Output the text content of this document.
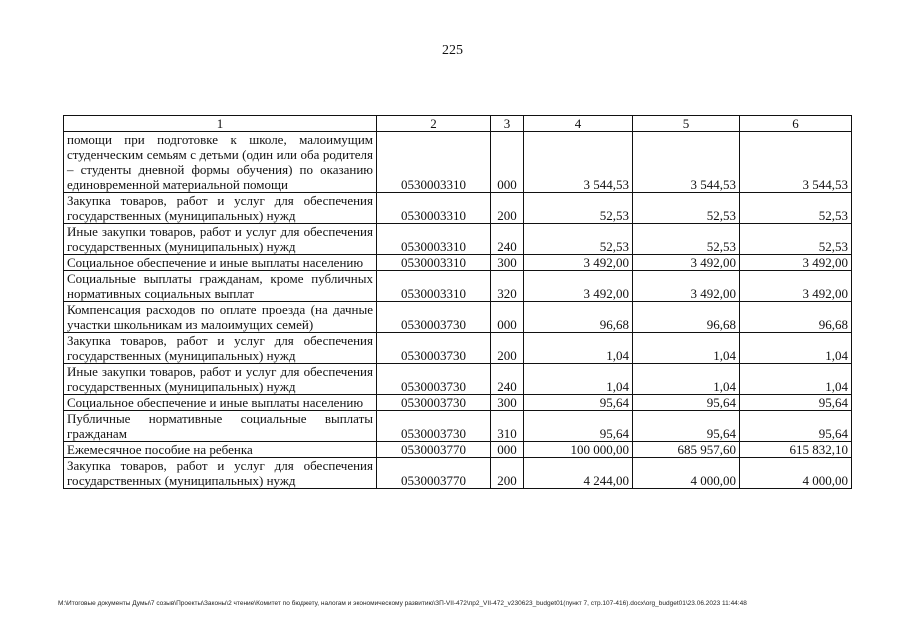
225
1	2	3	4	5	6
помощи при подготовке к школе, малоимущим студенческим семьям с детьми (один или оба родителя – студенты дневной формы обучения) по оказанию единовременной материальной помощи	0530003310	000	3 544,53	3 544,53	3 544,53
Закупка товаров, работ и услуг для обеспечения государственных (муниципальных) нужд	0530003310	200	52,53	52,53	52,53
Иные закупки товаров, работ и услуг для обеспечения государственных (муниципальных) нужд	0530003310	240	52,53	52,53	52,53
Социальное обеспечение и иные выплаты населению	0530003310	300	3 492,00	3 492,00	3 492,00
Социальные выплаты гражданам, кроме публичных нормативных социальных выплат	0530003310	320	3 492,00	3 492,00	3 492,00
Компенсация расходов по оплате проезда (на дачные участки школьникам из малоимущих семей)	0530003730	000	96,68	96,68	96,68
Закупка товаров, работ и услуг для обеспечения государственных (муниципальных) нужд	0530003730	200	1,04	1,04	1,04
Иные закупки товаров, работ и услуг для обеспечения государственных (муниципальных) нужд	0530003730	240	1,04	1,04	1,04
Социальное обеспечение и иные выплаты населению	0530003730	300	95,64	95,64	95,64
Публичные нормативные социальные выплаты гражданам	0530003730	310	95,64	95,64	95,64
Ежемесячное пособие на ребенка	0530003770	000	100 000,00	685 957,60	615 832,10
Закупка товаров, работ и услуг для обеспечения государственных (муниципальных) нужд	0530003770	200	4 244,00	4 000,00	4 000,00
M:\Итоговые документы Думы\7 созыв\Проекты\Законы\2 чтение\Комитет по бюджету, налогам и экономическому развитию\ЗП-VII-472\пр2_VII-472_v230623_budget01(пункт 7, стр.107-416).docx\org_budget01\23.06.2023 11:44:48
